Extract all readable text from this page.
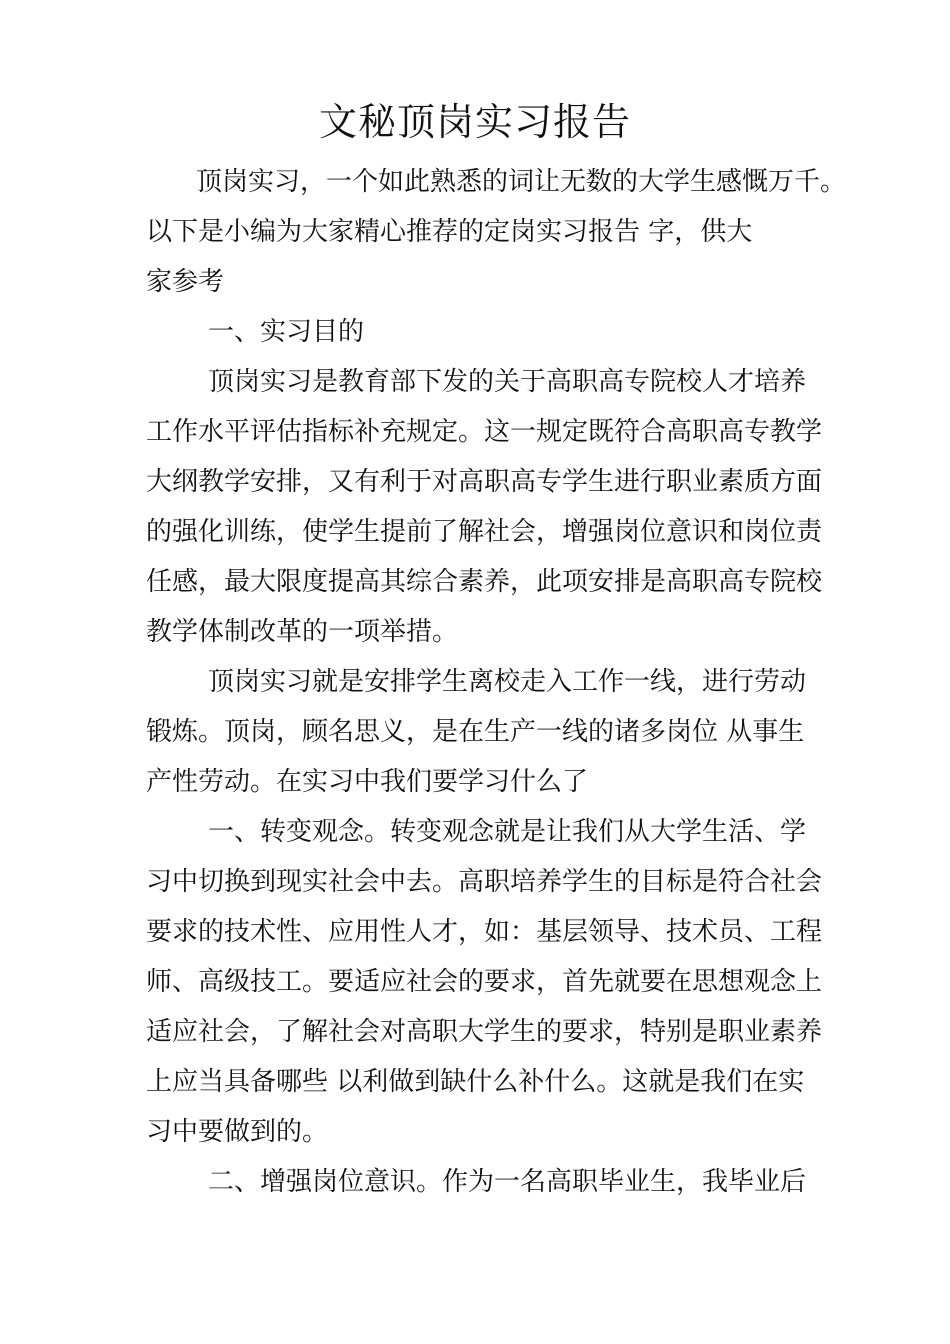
文秘顶岗实习报告
顶岗实习，一个如此熟悉的词让无数的大学生感慨万千。
以下是小编为大家精心推荐的定岗实习报告 字，供大
家参考
一、实习目的
顶岗实习是教育部下发的关于高职高专院校人才培养
工作水平评估指标补充规定。这一规定既符合高职高专教学
大纲教学安排，又有利于对高职高专学生进行职业素质方面
的强化训练，使学生提前了解社会，增强岗位意识和岗位责
任感，最大限度提高其综合素养，此项安排是高职高专院校
教学体制改革的一项举措。
顶岗实习就是安排学生离校走入工作一线，进行劳动
锻炼。顶岗，顾名思义，是在生产一线的诸多岗位 从事生
产性劳动。在实习中我们要学习什么了
一、转变观念。转变观念就是让我们从大学生活、学
习中切换到现实社会中去。高职培养学生的目标是符合社会
要求的技术性、应用性人才，如：基层领导、技术员、工程
师、高级技工。要适应社会的要求，首先就要在思想观念上
适应社会，了解社会对高职大学生的要求，特别是职业素养
上应当具备哪些 以利做到缺什么补什么。这就是我们在实
习中要做到的。
二、增强岗位意识。作为一名高职毕业生，我毕业后
